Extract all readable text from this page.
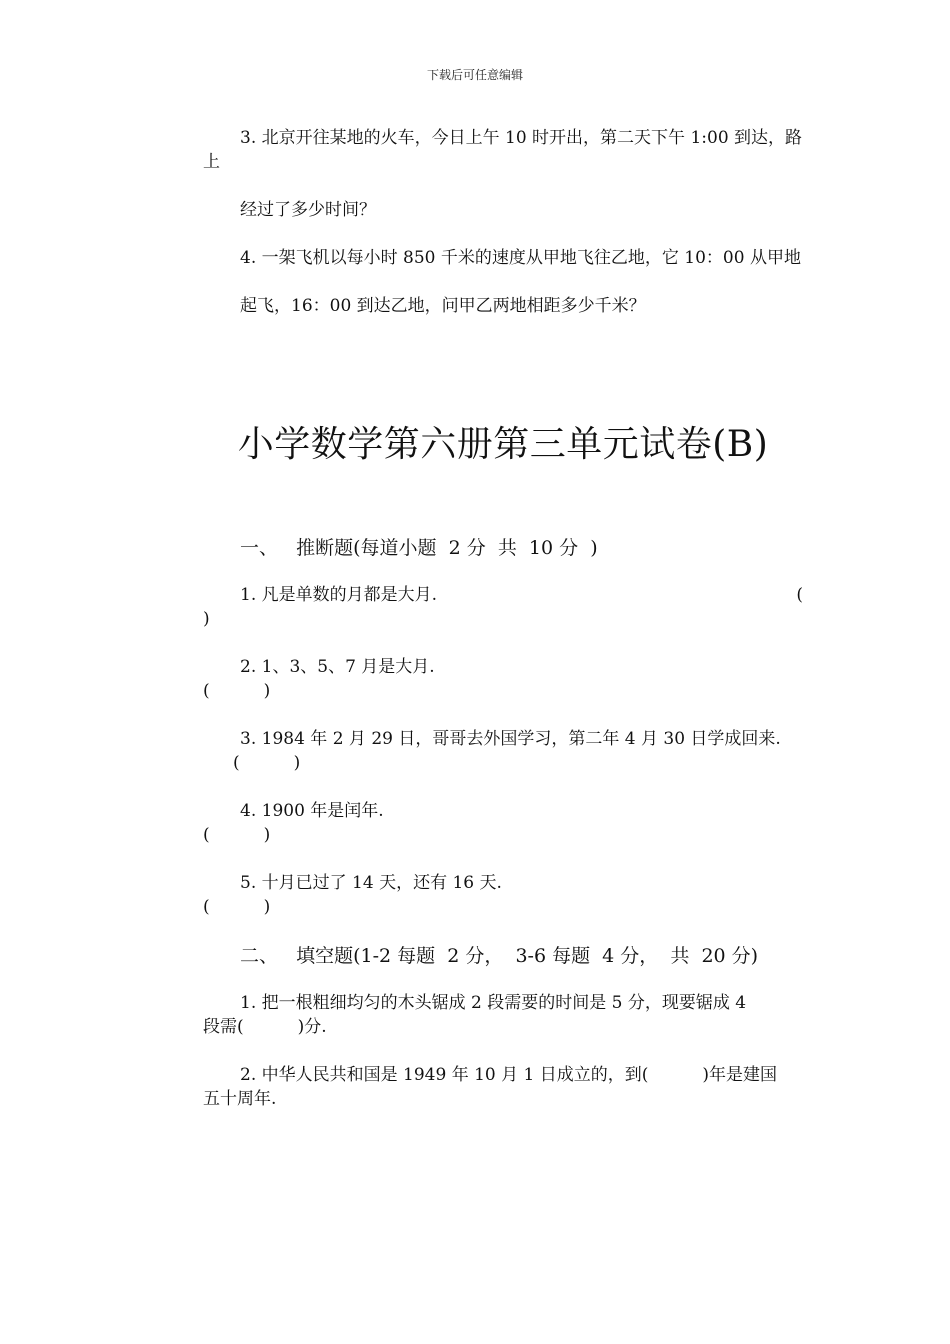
下载后可任意编辑
3. 北京开往某地的火车，今日上午 10 时开出，第二天下午 1:00 到达，路上
经过了多少时间？
4. 一架飞机以每小时 850 千米的速度从甲地飞往乙地，它 10：00 从甲地
起飞，16：00 到达乙地，问甲乙两地相距多少千米？
小学数学第六册第三单元试卷(B)
一、   推断题(每道小题  2 分  共  10 分  )
1. 凡是单数的月都是大月.	(
)
2. 1、3、5、7 月是大月.
(          )
3. 1984 年 2 月 29 日，哥哥去外国学习，第二年 4 月 30 日学成回来.
(          )
4. 1900 年是闰年.
(          )
5. 十月已过了 14 天，还有 16 天.
(          )
二、   填空题(1-2 每题  2 分，  3-6 每题  4 分，  共  20 分)
1. 把一根粗细均匀的木头锯成 2 段需要的时间是 5 分，现要锯成 4
段需(          )分.
2. 中华人民共和国是 1949 年 10 月 1 日成立的，到(          )年是建国
五十周年.
